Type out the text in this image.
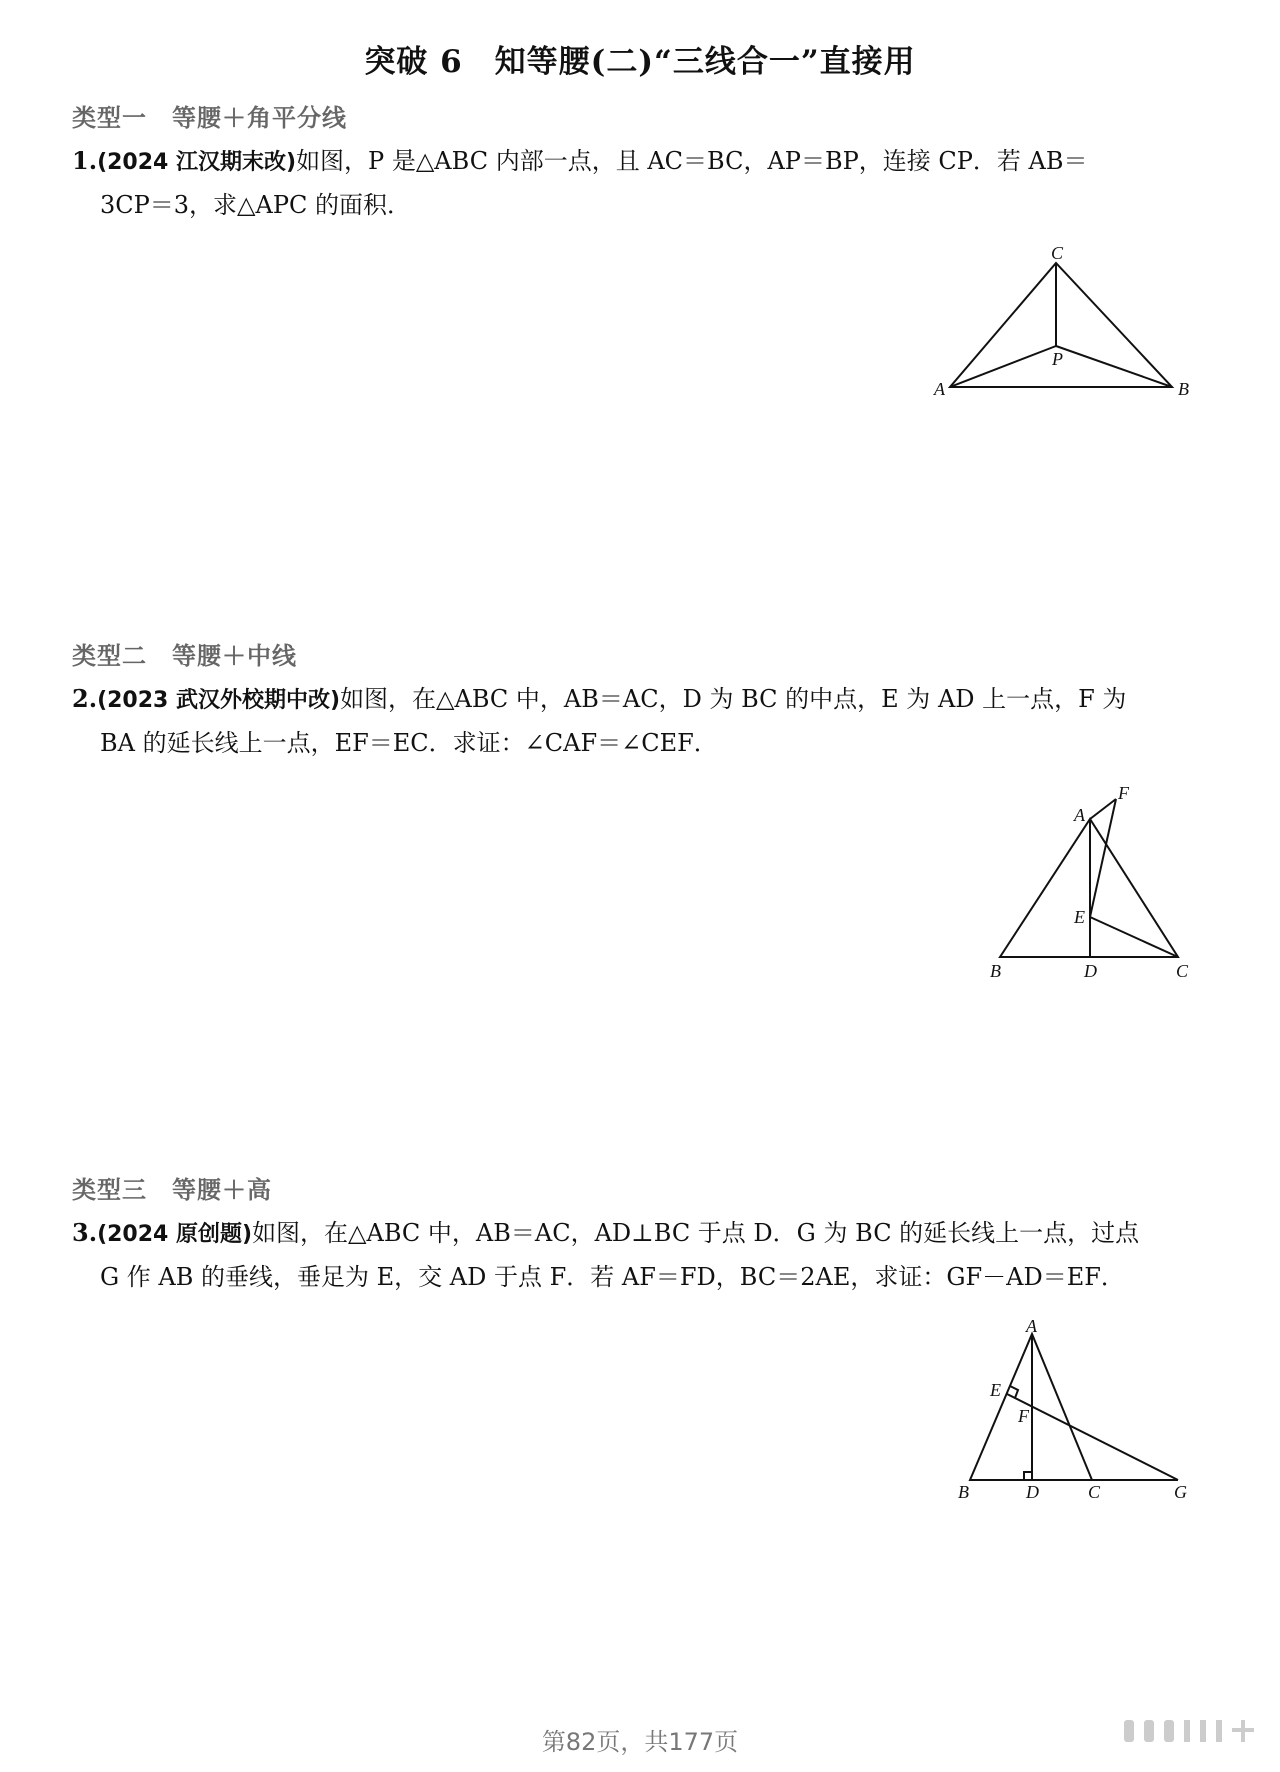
突破 6　知等腰(二)“三线合一”直接用
类型一　等腰＋角平分线
1.(2024 江汉期末改)如图，P 是△ABC 内部一点，且 AC＝BC，AP＝BP，连接 CP．若 AB＝
3CP＝3，求△APC 的面积．
C
P
A	B
类型二　等腰＋中线
2.(2023 武汉外校期中改)如图，在△ABC 中，AB＝AC，D 为 BC 的中点，E 为 AD 上一点，F 为
BA 的延长线上一点，EF＝EC．求证：∠CAF＝∠CEF．
F
A
E
B	D	C
类型三　等腰＋高
3.(2024 原创题)如图，在△ABC 中，AB＝AC，AD⊥BC 于点 D．G 为 BC 的延长线上一点，过点
G 作 AB 的垂线，垂足为 E，交 AD 于点 F．若 AF＝FD，BC＝2AE，求证：GF－AD＝EF．
A
E
F
B	D	C	G
第82页，共177页
